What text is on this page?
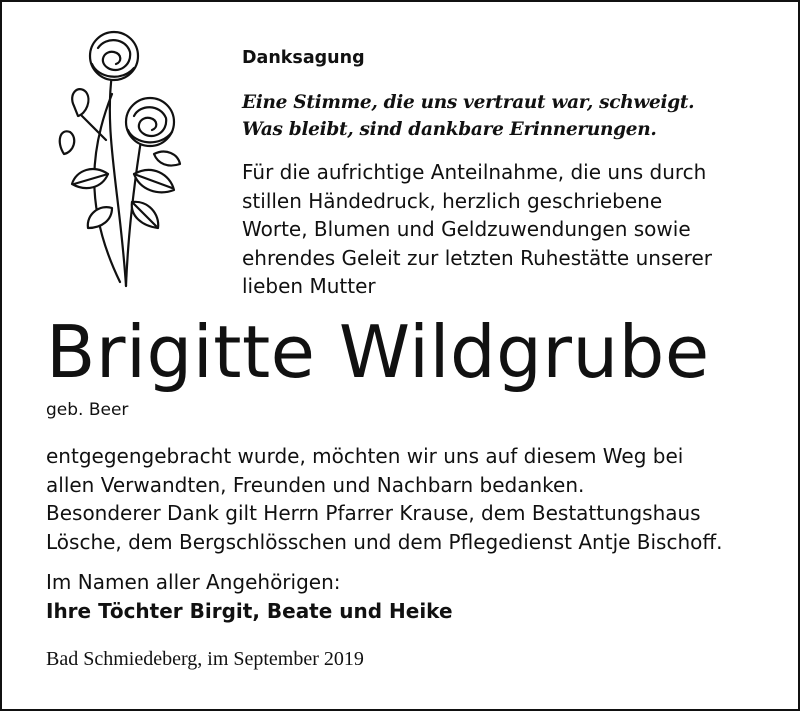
Danksagung
Eine Stimme, die uns vertraut war, schweigt.
Was bleibt, sind dankbare Erinnerungen.
Für die aufrichtige Anteilnahme, die uns durch
stillen Händedruck, herzlich geschriebene
Worte, Blumen und Geldzuwendungen sowie
ehrendes Geleit zur letzten Ruhestätte unserer
lieben Mutter
Brigitte Wildgrube
geb. Beer
entgegengebracht wurde, möchten wir uns auf diesem Weg bei
allen Verwandten, Freunden und Nachbarn bedanken.
Besonderer Dank gilt Herrn Pfarrer Krause, dem Bestattungshaus
Lösche, dem Bergschlösschen und dem Pflegedienst Antje Bischoff.
Im Namen aller Angehörigen:
Ihre Töchter Birgit, Beate und Heike
Bad Schmiedeberg, im September 2019
